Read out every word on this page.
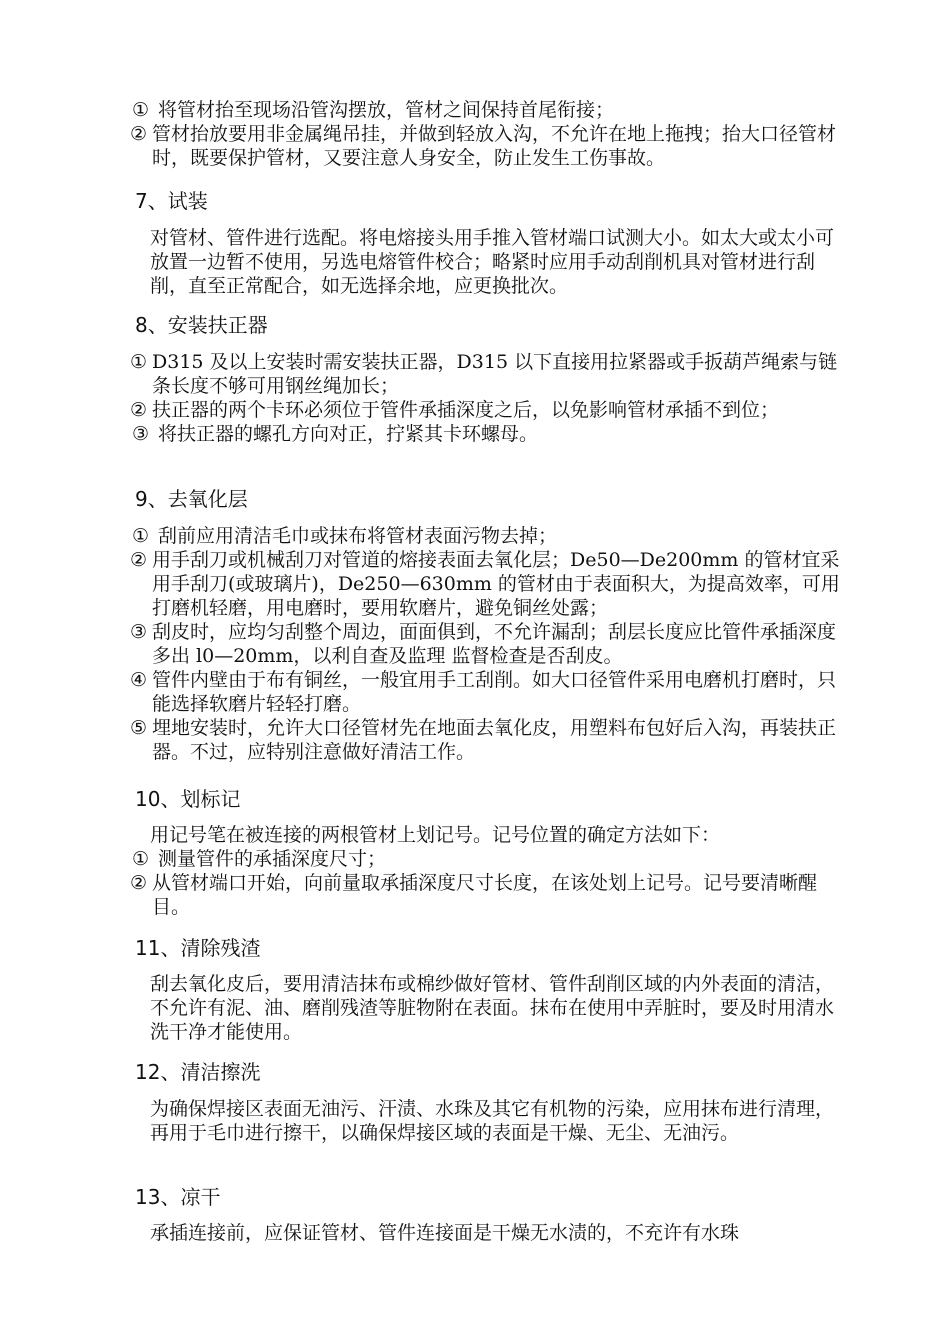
① 将管材抬至现场沿管沟摆放，管材之间保持首尾衔接；

② 管材抬放要用非金属绳吊挂，并做到轻放入沟，不允许在地上拖拽；抬大口径管材时，既要保护管材，又要注意人身安全，防止发生工伤事故。

7、试装

对管材、管件进行选配。将电熔接头用手推入管材端口试测大小。如太大或太小可放置一边暂不使用，另选电熔管件校合；略紧时应用手动刮削机具对管材进行刮削，直至正常配合，如无选择余地，应更换批次。

8、安装扶正器

① D315 及以上安装时需安装扶正器，D315 以下直接用拉紧器或手扳葫芦绳索与链条长度不够可用钢丝绳加长；

② 扶正器的两个卡环必须位于管件承插深度之后，以免影响管材承插不到位；

③ 将扶正器的螺孔方向对正，拧紧其卡环螺母。

9、去氧化层

① 刮前应用清洁毛巾或抹布将管材表面污物去掉；

② 用手刮刀或机械刮刀对管道的熔接表面去氧化层；De50—De200mm 的管材宜采用手刮刀(或玻璃片)，De250—630mm 的管材由于表面积大，为提高效率，可用打磨机轻磨，用电磨时，要用软磨片，避免铜丝处露；

③ 刮皮时，应均匀刮整个周边，面面俱到，不允许漏刮；刮层长度应比管件承插深度多出 l0—20mm，以利自查及监理 监督检查是否刮皮。

④ 管件内壁由于布有铜丝，一般宜用手工刮削。如大口径管件采用电磨机打磨时，只能选择软磨片轻轻打磨。

⑤ 埋地安装时，允许大口径管材先在地面去氧化皮，用塑料布包好后入沟，再装扶正器。不过，应特别注意做好清洁工作。

10、划标记

用记号笔在被连接的两根管材上划记号。记号位置的确定方法如下：

① 测量管件的承插深度尺寸；

② 从管材端口开始，向前量取承插深度尺寸长度，在该处划上记号。记号要清晰醒目。

11、清除残渣

刮去氧化皮后，要用清洁抹布或棉纱做好管材、管件刮削区域的内外表面的清洁，不允许有泥、油、磨削残渣等脏物附在表面。抹布在使用中弄脏时，要及时用清水洗干净才能使用。

12、清洁擦洗

为确保焊接区表面无油污、汗渍、水珠及其它有机物的污染，应用抹布进行清理，再用于毛巾进行擦干，以确保焊接区域的表面是干燥、无尘、无油污。

13、凉干

承插连接前，应保证管材、管件连接面是干燥无水渍的，不充许有水珠
